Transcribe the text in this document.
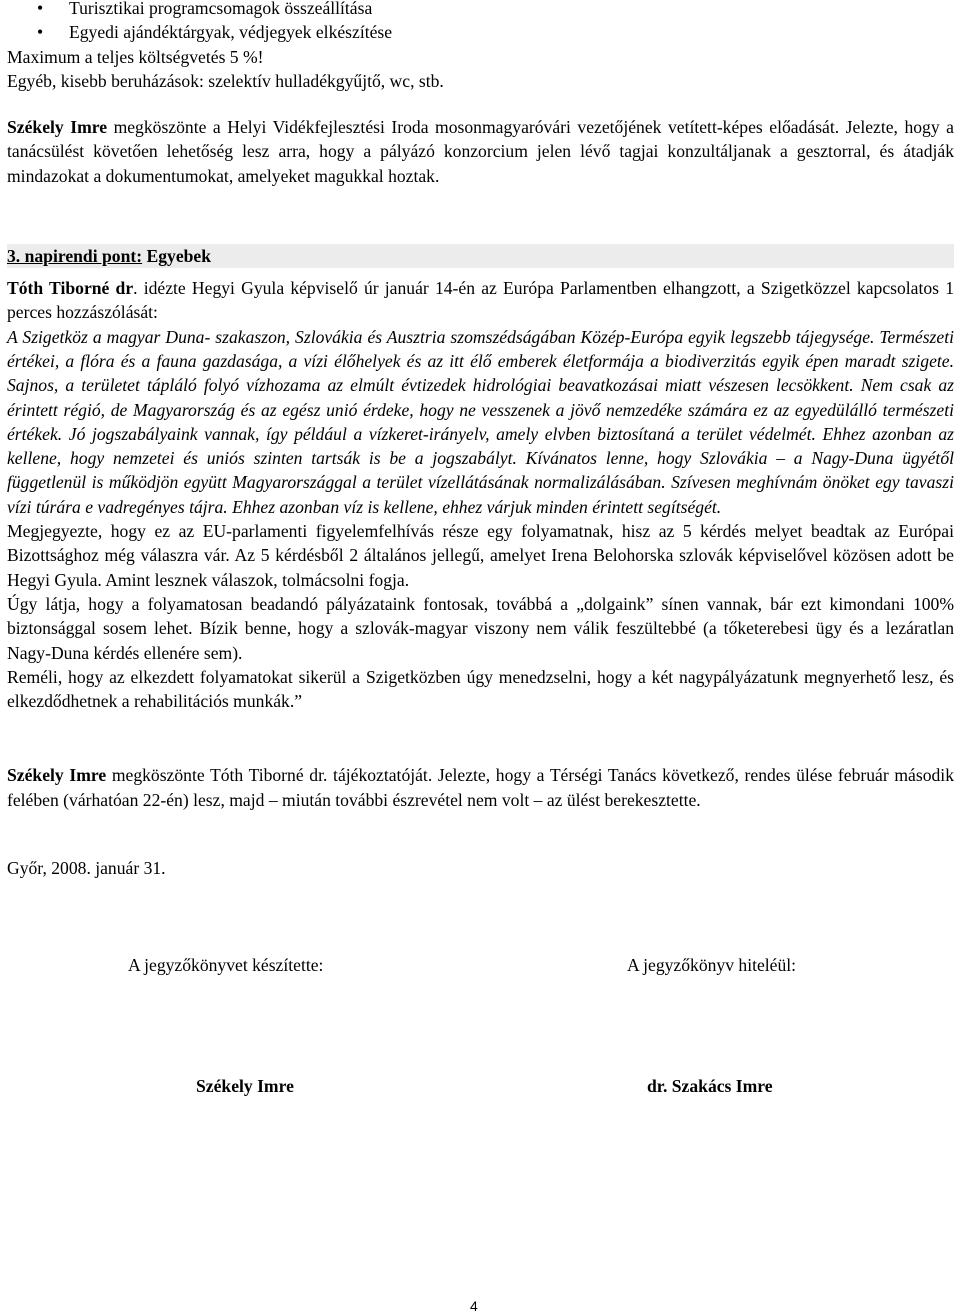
• Turisztikai programcsomagok összeállítása
• Egyedi ajándéktárgyak, védjegyek elkészítése

Maximum a teljes költségvetés 5 %!

Egyéb, kisebb beruházások: szelektív hulladékgyűjtő, wc, stb.

Székely Imre megköszönte a Helyi Vidékfejlesztési Iroda mosonmagyaróvári vezetőjének vetített-képes előadását. Jelezte, hogy a tanácsülést követően lehetőség lesz arra, hogy a pályázó konzorcium jelen lévő tagjai konzultáljanak a gesztorral, és átadják mindazokat a dokumentumokat, amelyeket magukkal hoztak.

3. napirendi pont: Egyebek

Tóth Tiborné dr. idézte Hegyi Gyula képviselő úr január 14-én az Európa Parlamentben elhangzott, a Szigetközzel kapcsolatos 1 perces hozzászólását:

A Szigetköz a magyar Duna- szakaszon, Szlovákia és Ausztria szomszédságában Közép-Európa egyik legszebb tájegysége. Természeti értékei, a flóra és a fauna gazdasága, a vízi élőhelyek és az itt élő emberek életformája a biodiverzitás egyik épen maradt szigete. Sajnos, a területet tápláló folyó vízhozama az elmúlt évtizedek hidrológiai beavatkozásai miatt vészesen lecsökkent. Nem csak az érintett régió, de Magyarország és az egész unió érdeke, hogy ne vesszenek a jövő nemzedéke számára ez az egyedülálló természeti értékek. Jó jogszabályaink vannak, így például a vízkeret-irányelv, amely elvben biztosítaná a terület védelmét. Ehhez azonban az kellene, hogy nemzetei és uniós szinten tartsák is be a jogszabályt. Kívánatos lenne, hogy Szlovákia – a Nagy-Duna ügyétől függetlenül is működjön együtt Magyarországgal a terület vízellátásának normalizálásában. Szívesen meghívnám önöket egy tavaszi vízi túrára e vadregényes tájra. Ehhez azonban víz is kellene, ehhez várjuk minden érintett segítségét.

Megjegyezte, hogy ez az EU-parlamenti figyelemfelhívás része egy folyamatnak, hisz az 5 kérdés melyet beadtak az Európai Bizottsághoz még válaszra vár. Az 5 kérdésből 2 általános jellegű, amelyet Irena Belohorska szlovák képviselővel közösen adott be Hegyi Gyula. Amint lesznek válaszok, tolmácsolni fogja.

Úgy látja, hogy a folyamatosan beadandó pályázataink fontosak, továbbá a „dolgaink” sínen vannak, bár ezt kimondani 100% biztonsággal sosem lehet. Bízik benne, hogy a szlovák-magyar viszony nem válik feszültebbé (a tőketerebesi ügy és a lezáratlan Nagy-Duna kérdés ellenére sem).

Reméli, hogy az elkezdett folyamatokat sikerül a Szigetközben úgy menedzselni, hogy a két nagypályázatunk megnyerhető lesz, és elkezdődhetnek a rehabilitációs munkák.”

Székely Imre megköszönte Tóth Tiborné dr. tájékoztatóját. Jelezte, hogy a Térségi Tanács következő, rendes ülése február második felében (várhatóan 22-én) lesz, majd – miután további észrevétel nem volt – az ülést berekesztette.

Győr, 2008. január 31.

A jegyzőkönyvet készítette:	A jegyzőkönyv hiteléül:
Székely Imre	dr. Szakács Imre
4
